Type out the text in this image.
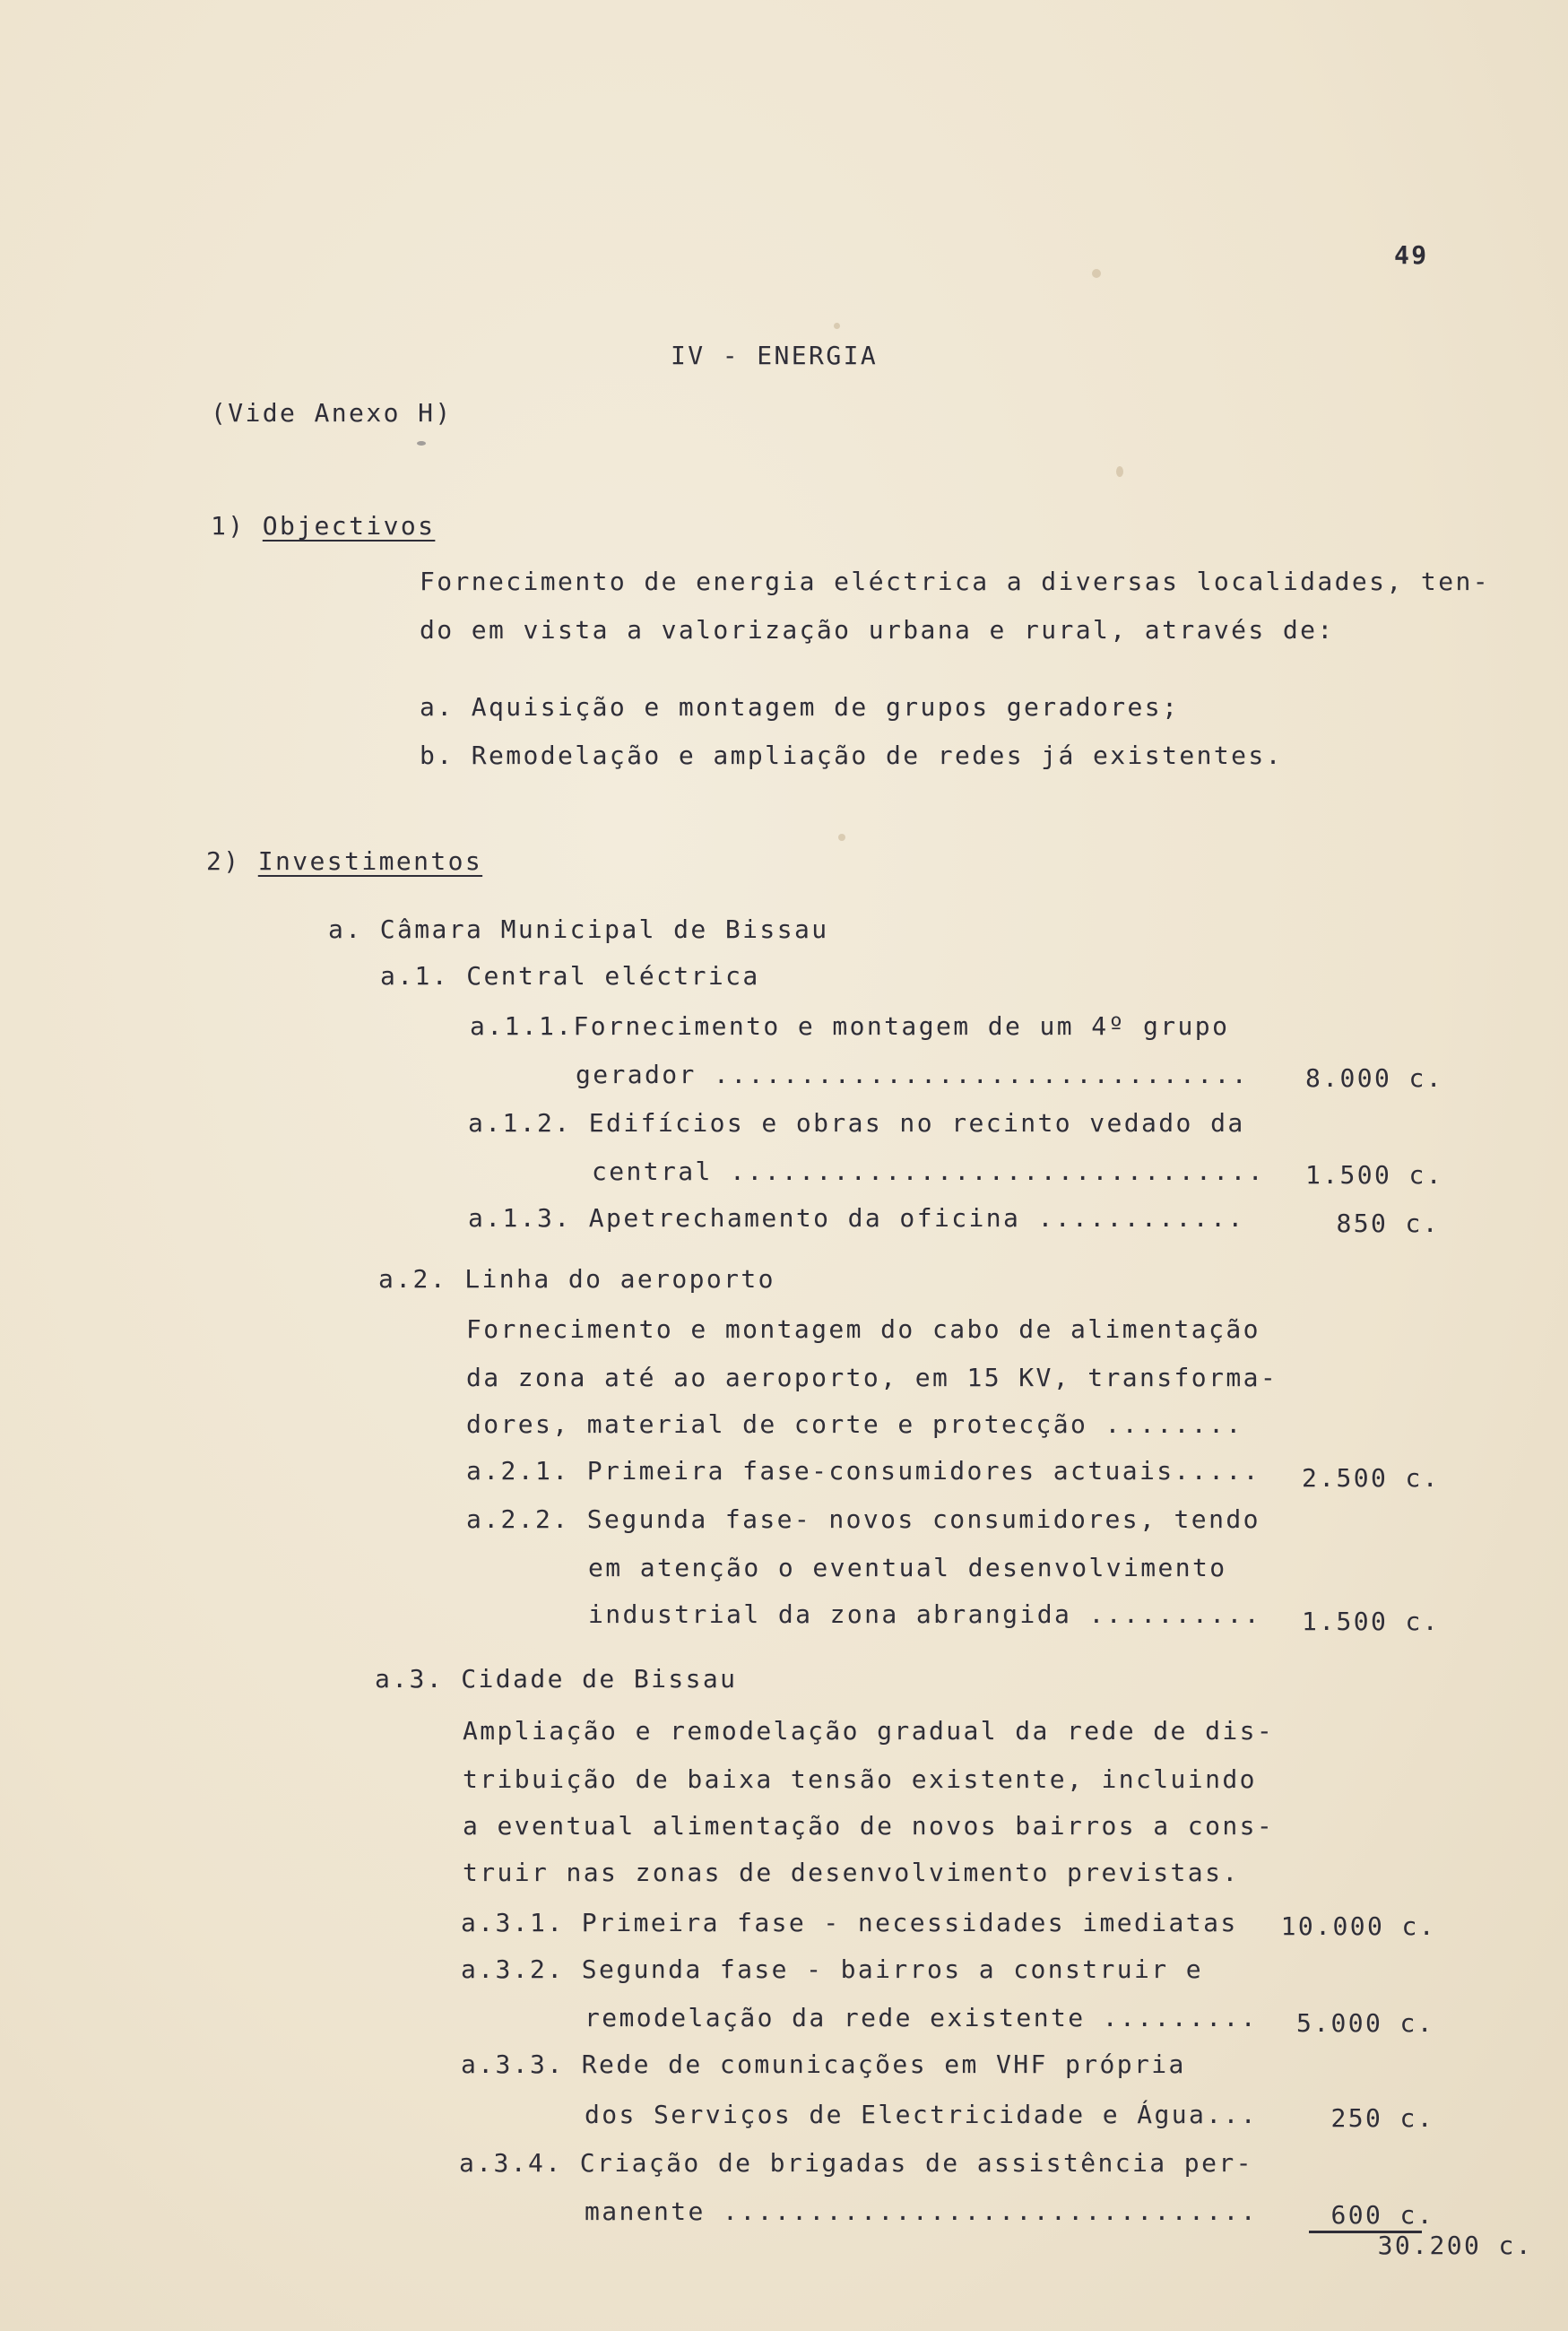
49
IV - ENERGIA
(Vide Anexo H)
1) Objectivos
Fornecimento de energia eléctrica a diversas localidades, ten-
do em vista a valorização urbana e rural, através de:
a. Aquisição e montagem de grupos geradores;
b. Remodelação e ampliação de redes já existentes.
2) Investimentos
a. Câmara Municipal de Bissau
a.1. Central eléctrica
a.1.1.Fornecimento e montagem de um 4º grupo
gerador ...............................	8.000 c.
a.1.2. Edifícios e obras no recinto vedado da
central ...............................	1.500 c.
a.1.3. Apetrechamento da oficina ............	850 c.
a.2. Linha do aeroporto
Fornecimento e montagem do cabo de alimentação
da zona até ao aeroporto, em 15 KV, transforma-
dores, material de corte e protecção ........
a.2.1. Primeira fase-consumidores actuais.....	2.500 c.
a.2.2. Segunda fase- novos consumidores, tendo
em atenção o eventual desenvolvimento
industrial da zona abrangida ..........	1.500 c.
a.3. Cidade de Bissau
Ampliação e remodelação gradual da rede de dis-
tribuição de baixa tensão existente, incluindo
a eventual alimentação de novos bairros a cons-
truir nas zonas de desenvolvimento previstas.
a.3.1. Primeira fase - necessidades imediatas	10.000 c.
a.3.2. Segunda fase - bairros a construir e
remodelação da rede existente .........	5.000 c.
a.3.3. Rede de comunicações em VHF própria
dos Serviços de Electricidade e Água...	250 c.
a.3.4. Criação de brigadas de assistência per-
manente ...............................	600 c.
30.200 c.
